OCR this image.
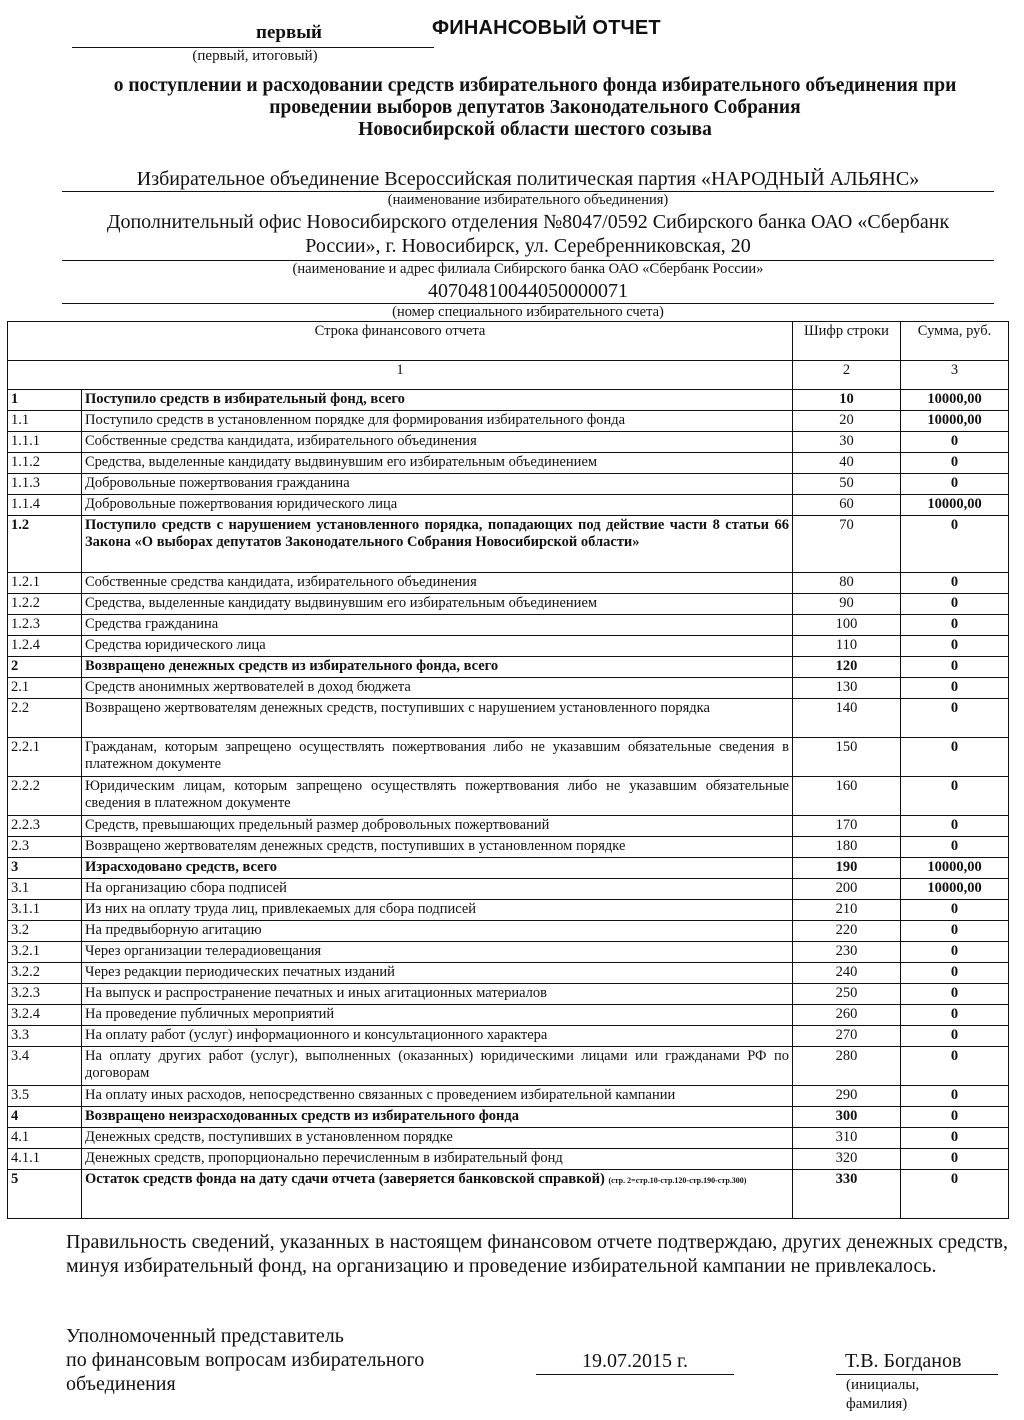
первый
(первый, итоговый)
ФИНАНСОВЫЙ ОТЧЕТ
о поступлении и расходовании средств избирательного фонда избирательного объединения при
проведении выборов депутатов Законодательного Собрания
Новосибирской области шестого созыва
Избирательное объединение Всероссийская политическая партия «НАРОДНЫЙ АЛЬЯНС»
(наименование избирательного объединения)
Дополнительный офис Новосибирского отделения №8047/0592 Сибирского банка ОАО «Сбербанк
России», г. Новосибирск, ул. Серебренниковская, 20
(наименование и адрес филиала Сибирского банка ОАО «Сбербанк России»
40704810044050000071
(номер специального избирательного счета)
Строка финансового отчета		Шифр строки	Сумма, руб.
1		2	3
1	Поступило средств в избирательный фонд, всего	10	10000,00
1.1	Поступило средств в установленном порядке для формирования избирательного фонда	20	10000,00
1.1.1	Собственные средства кандидата, избирательного объединения	30	0
1.1.2	Средства, выделенные кандидату выдвинувшим его избирательным объединением	40	0
1.1.3	Добровольные пожертвования гражданина	50	0
1.1.4	Добровольные пожертвования юридического лица	60	10000,00
1.2	Поступило средств с нарушением установленного порядка, попадающих под действие части 8 статьи 66 Закона «О выборах депутатов Законодательного Собрания Новосибирской области»	70	0
1.2.1	Собственные средства кандидата, избирательного объединения	80	0
1.2.2	Средства, выделенные кандидату выдвинувшим его избирательным объединением	90	0
1.2.3	Средства гражданина	100	0
1.2.4	Средства юридического лица	110	0
2	Возвращено денежных средств из избирательного фонда, всего	120	0
2.1	Средств анонимных жертвователей в доход бюджета	130	0
2.2	Возвращено жертвователям денежных средств, поступивших с нарушением установленного порядка	140	0
2.2.1	Гражданам, которым запрещено осуществлять пожертвования либо не указавшим обязательные сведения в платежном документе	150	0
2.2.2	Юридическим лицам, которым запрещено осуществлять пожертвования либо не указавшим обязательные сведения в платежном документе	160	0
2.2.3	Средств, превышающих предельный размер добровольных пожертвований	170	0
2.3	Возвращено жертвователям денежных средств, поступивших в установленном порядке	180	0
3	Израсходовано средств, всего	190	10000,00
3.1	На организацию сбора подписей	200	10000,00
3.1.1	Из них на оплату труда лиц, привлекаемых для сбора подписей	210	0
3.2	На предвыборную агитацию	220	0
3.2.1	Через организации телерадиовещания	230	0
3.2.2	Через редакции периодических печатных изданий	240	0
3.2.3	На выпуск и распространение печатных и иных агитационных материалов	250	0
3.2.4	На проведение публичных мероприятий	260	0
3.3	На оплату работ (услуг) информационного и консультационного характера	270	0
3.4	На оплату других работ (услуг), выполненных (оказанных) юридическими лицами или гражданами РФ по договорам	280	0
3.5	На оплату иных расходов, непосредственно связанных с проведением избирательной кампании	290	0
4	Возвращено неизрасходованных средств из избирательного фонда	300	0
4.1	Денежных средств, поступивших в установленном порядке	310	0
4.1.1	Денежных средств, пропорционально перечисленным в избирательный фонд	320	0
5	Остаток средств фонда на дату сдачи отчета (заверяется банковской справкой) (стр. 2=стр.10-стр.120-стр.190-стр.300)	330	0
Правильность сведений, указанных в настоящем финансовом отчете подтверждаю, других денежных средств, минуя избирательный фонд, на организацию и проведение избирательной кампании не привлекалось.
Уполномоченный представитель
по финансовым вопросам избирательного
объединения
19.07.2015 г.	Т.В. Богданов
(инициалы, фамилия)
